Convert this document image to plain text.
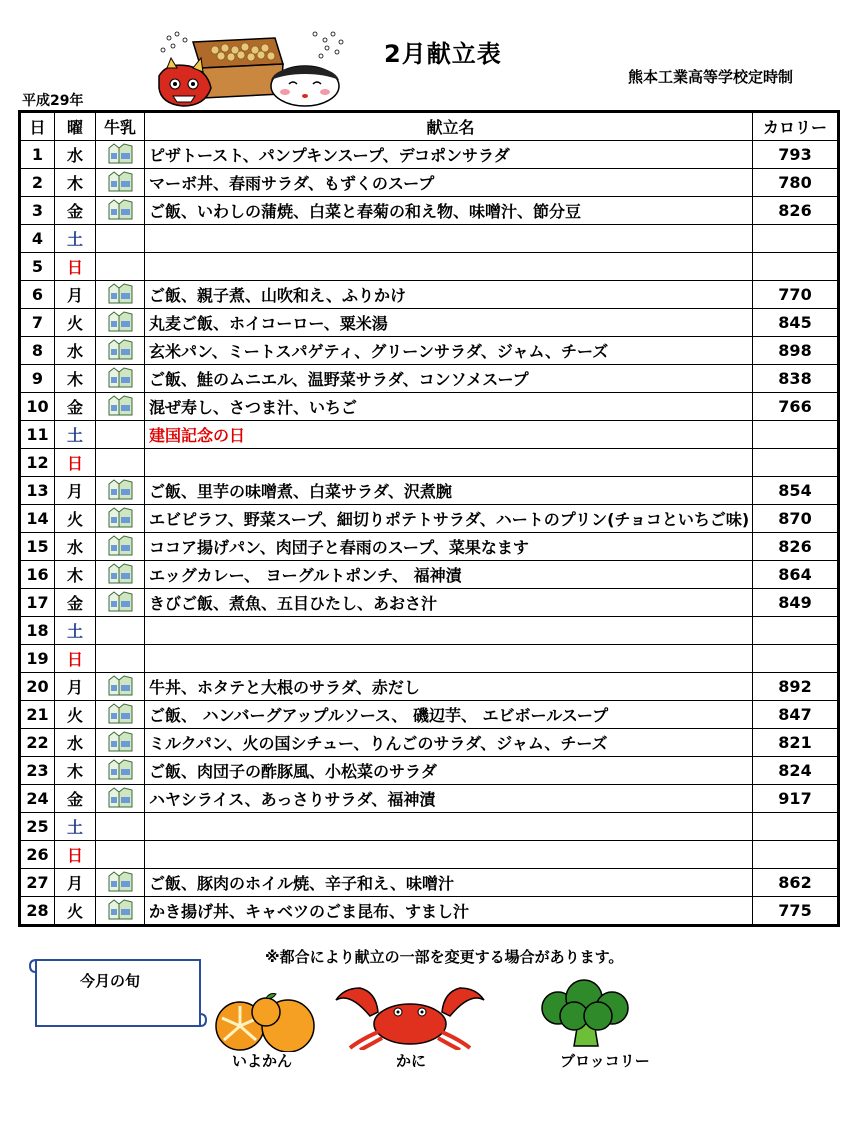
2月献立表
熊本工業高等学校定時制
平成29年
日	曜	牛乳	献立名	カロリー
1	水		ピザトースト、パンプキンスープ、デコポンサラダ	793
2	木		マーボ丼、春雨サラダ、もずくのスープ	780
3	金		ご飯、いわしの蒲焼、白菜と春菊の和え物、味噌汁、節分豆	826
4	土			
5	日			
6	月		ご飯、親子煮、山吹和え、ふりかけ	770
7	火		丸麦ご飯、ホイコーロー、粟米湯	845
8	水		玄米パン、ミートスパゲティ、グリーンサラダ、ジャム、チーズ	898
9	木		ご飯、鮭のムニエル、温野菜サラダ、コンソメスープ	838
10	金		混ぜ寿し、さつま汁、いちご	766
11	土		建国記念の日	
12	日			
13	月		ご飯、里芋の味噌煮、白菜サラダ、沢煮腕	854
14	火		エビピラフ、野菜スープ、細切りポテトサラダ、ハートのプリン(チョコといちご味)	870
15	水		ココア揚げパン、肉団子と春雨のスープ、菜果なます	826
16	木		エッグカレー、 ヨーグルトポンチ、 福神漬	864
17	金		きびご飯、煮魚、五目ひたし、あおさ汁	849
18	土			
19	日			
20	月		牛丼、ホタテと大根のサラダ、赤だし	892
21	火		ご飯、 ハンバーグアップルソース、 磯辺芋、 エビボールスープ	847
22	水		ミルクパン、火の国シチュー、りんごのサラダ、ジャム、チーズ	821
23	木		ご飯、肉団子の酢豚風、小松菜のサラダ	824
24	金		ハヤシライス、あっさりサラダ、福神漬	917
25	土			
26	日			
27	月		ご飯、豚肉のホイル焼、辛子和え、味噌汁	862
28	火		かき揚げ丼、キャベツのごま昆布、すまし汁	775
※都合により献立の一部を変更する場合があります。
今月の旬
いよかん	かに	ブロッコリー
